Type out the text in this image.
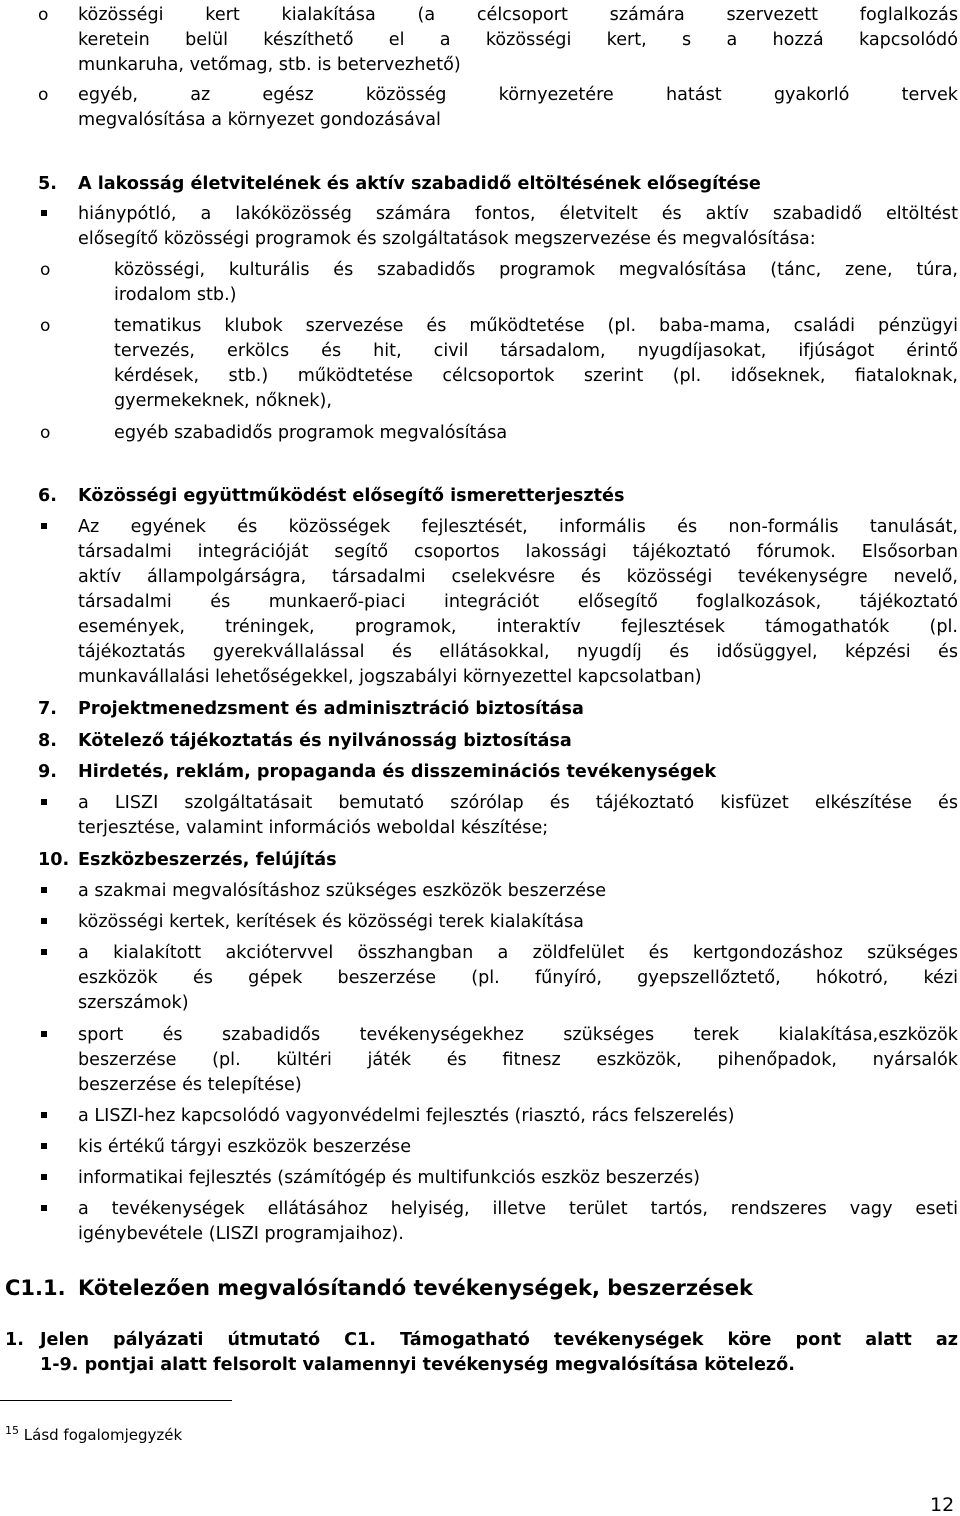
o közösségi kert kialakítása (a célcsoport számára szervezett foglalkozás
keretein belül készíthető el a közösségi kert, s a hozzá kapcsolódó
munkaruha, vetőmag, stb. is betervezhető)
o egyéb, az egész közösség környezetére hatást gyakorló tervek
megvalósítása a környezet gondozásával
5. A lakosság életvitelének és aktív szabadidő eltöltésének elősegítése
hiánypótló, a lakóközösség számára fontos, életvitelt és aktív szabadidő eltöltést
elősegítő közösségi programok és szolgáltatások megszervezése és megvalósítása:
o	közösségi, kulturális és szabadidős programok megvalósítása (tánc, zene, túra,
irodalom stb.)
o	tematikus klubok szervezése és működtetése (pl. baba-mama, családi pénzügyi
tervezés, erkölcs és hit, civil társadalom, nyugdíjasokat, ifjúságot érintő
kérdések, stb.) működtetése célcsoportok szerint (pl. időseknek, fiataloknak,
gyermekeknek, nőknek),
o	egyéb szabadidős programok megvalósítása
6. Közösségi együttműködést elősegítő ismeretterjesztés
Az egyének és közösségek fejlesztését, informális és non-formális tanulását,
társadalmi integrációját segítő csoportos lakossági tájékoztató fórumok. Elsősorban
aktív állampolgárságra, társadalmi cselekvésre és közösségi tevékenységre nevelő,
társadalmi és munkaerő-piaci integrációt elősegítő foglalkozások, tájékoztató
események, tréningek, programok, interaktív fejlesztések támogathatók (pl.
tájékoztatás gyerekvállalással és ellátásokkal, nyugdíj és idősüggyel, képzési és
munkavállalási lehetőségekkel, jogszabályi környezettel kapcsolatban)
7. Projektmenedzsment és adminisztráció biztosítása
8. Kötelező tájékoztatás és nyilvánosság biztosítása
9. Hirdetés, reklám, propaganda és disszeminációs tevékenységek
a LISZI szolgáltatásait bemutató szórólap és tájékoztató kisfüzet elkészítése és
terjesztése, valamint információs weboldal készítése;
10. Eszközbeszerzés, felújítás
a szakmai megvalósításhoz szükséges eszközök beszerzése
közösségi kertek, kerítések és közösségi terek kialakítása
a kialakított akciótervvel összhangban a zöldfelület és kertgondozáshoz szükséges
eszközök és gépek beszerzése (pl. fűnyíró, gyepszellőztető, hókotró, kézi
szerszámok)
sport és szabadidős tevékenységekhez szükséges terek kialakítása,eszközök
beszerzése (pl. kültéri játék és fitnesz eszközök, pihenőpadok, nyársalók
beszerzése és telepítése)
a LISZI-hez kapcsolódó vagyonvédelmi fejlesztés (riasztó, rács felszerelés)
kis értékű tárgyi eszközök beszerzése
informatikai fejlesztés (számítógép és multifunkciós eszköz beszerzés)
a tevékenységek ellátásához helyiség, illetve terület tartós, rendszeres vagy eseti
igénybevétele (LISZI programjaihoz).
C1.1. Kötelezően megvalósítandó tevékenységek, beszerzések
1. Jelen pályázati útmutató C1. Támogatható tevékenységek köre pont alatt az
1-9. pontjai alatt felsorolt valamennyi tevékenység megvalósítása kötelező.
$^{15}$ Lásd fogalomjegyzék
12
